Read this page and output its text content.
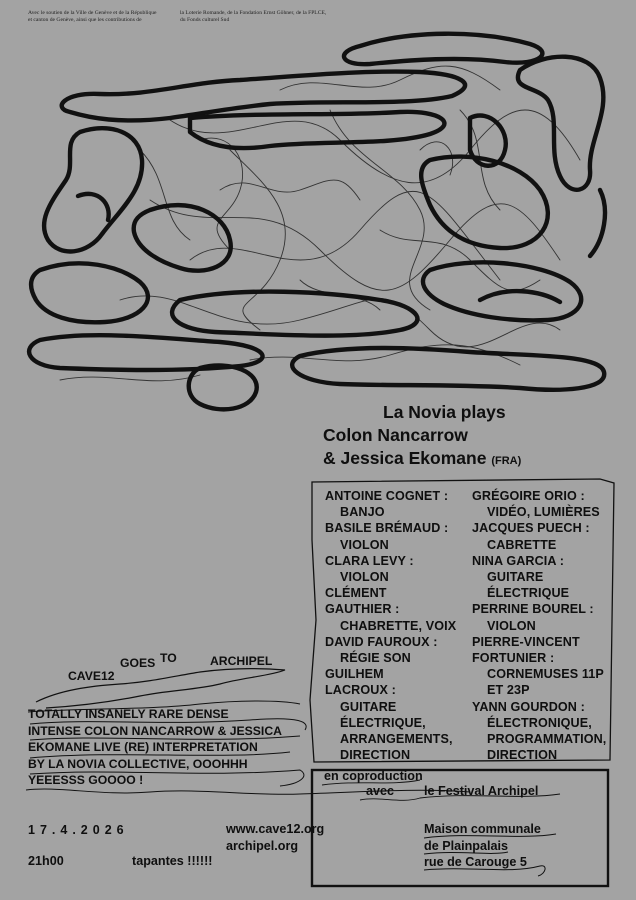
Avec le soutien de la Ville de Genève et de la République
et canton de Genève, ainsi que les contributions de
la Loterie Romande, de la Fondation Ernst Göhner, de la FPLCE,
du Fonds culturel Sud
La Novia plays
Colon Nancarrow
& Jessica Ekomane (FRA)
ANTOINE COGNET :
BANJO
BASILE BRÉMAUD :
VIOLON
CLARA LEVY :
VIOLON
CLÉMENT
GAUTHIER :
CHABRETTE, VOIX
DAVID FAUROUX :
RÉGIE SON
GUILHEM
LACROUX :
GUITARE
ÉLECTRIQUE,
ARRANGEMENTS,
DIRECTION
GRÉGOIRE ORIO :
VIDÉO, LUMIÈRES
JACQUES PUECH :
CABRETTE
NINA GARCIA :
GUITARE
ÉLECTRIQUE
PERRINE BOUREL :
VIOLON
PIERRE-VINCENT
FORTUNIER :
CORNEMUSES 11P
ET 23P
YANN GOURDON :
ÉLECTRONIQUE,
PROGRAMMATION,
DIRECTION
CAVE12
GOES TO	ARCHIPEL
TOTALLY INSANELY RARE DENSE
INTENSE COLON NANCARROW & JESSICA
EKOMANE LIVE (RE) INTERPRETATION
BY LA NOVIA COLLECTIVE, OOOHHH
YEEESSS GOOOO !	en coproduction
avec le Festival Archipel
17.4.2026
21h00	tapantes !!!!!!
www.cave12.org
archipel.org
Maison communale
de Plainpalais
rue de Carouge 5
